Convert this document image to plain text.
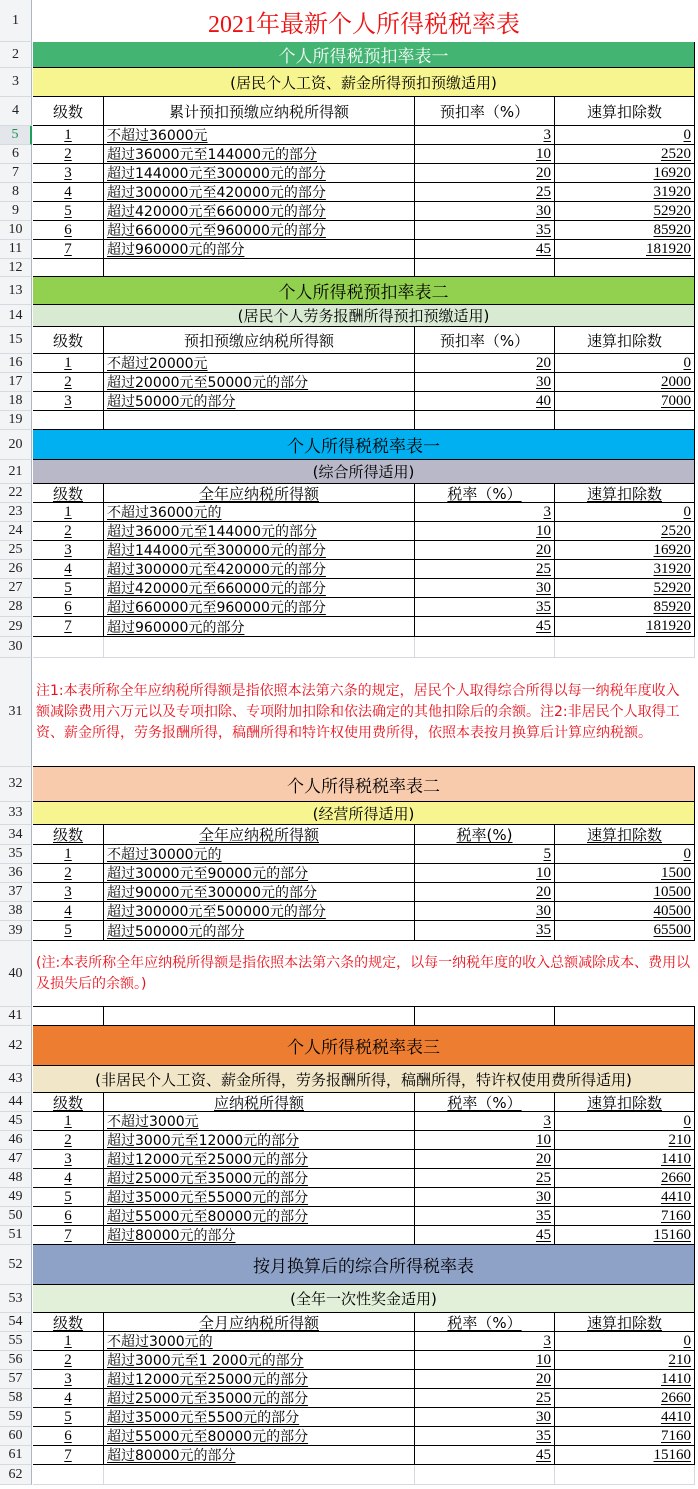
1	2021年最新个人所得税税率表
2	个人所得税预扣率表一
3	(居民个人工资、薪金所得预扣预缴适用)
4	级数	累计预扣预缴应纳税所得额	预扣率（%）	速算扣除数
5	1	不超过36000元	3	0
6	2	超过36000元至144000元的部分	10	2520
7	3	超过144000元至300000元的部分	20	16920
8	4	超过300000元至420000元的部分	25	31920
9	5	超过420000元至660000元的部分	30	52920
10	6	超过660000元至960000元的部分	35	85920
11	7	超过960000元的部分	45	181920
12
13	个人所得税预扣率表二
14	(居民个人劳务报酬所得预扣预缴适用)
15	级数	预扣预缴应纳税所得额	预扣率（%）	速算扣除数
16	1	不超过20000元	20	0
17	2	超过20000元至50000元的部分	30	2000
18	3	超过50000元的部分	40	7000
19
20	个人所得税税率表一
21	(综合所得适用)
22	级数	全年应纳税所得额	税率（%）	速算扣除数
23	1	不超过36000元的	3	0
24	2	超过36000元至144000元的部分	10	2520
25	3	超过144000元至300000元的部分	20	16920
26	4	超过300000元至420000元的部分	25	31920
27	5	超过420000元至660000元的部分	30	52920
28	6	超过660000元至960000元的部分	35	85920
29	7	超过960000元的部分	45	181920
30
31
注1:本表所称全年应纳税所得额是指依照本法第六条的规定，居民个人取得综合所得以每一纳税年度收入额减除费用六万元以及专项扣除、专项附加扣除和依法确定的其他扣除后的余额。注2:非居民个人取得工资、薪金所得，劳务报酬所得，稿酬所得和特许权使用费所得，依照本表按月换算后计算应纳税额。
32	个人所得税税率表二
33	(经营所得适用)
34	级数	全年应纳税所得额	税率(%)	速算扣除数
35	1	不超过30000元的	5	0
36	2	超过30000元至90000元的部分	10	1500
37	3	超过90000元至300000元的部分	20	10500
38	4	超过300000元至500000元的部分	30	40500
39	5	超过500000元的部分	35	65500
40
(注:本表所称全年应纳税所得额是指依照本法第六条的规定，以每一纳税年度的收入总额减除成本、费用以及损失后的余额。)
41
42	个人所得税税率表三
43	(非居民个人工资、薪金所得，劳务报酬所得，稿酬所得，特许权使用费所得适用)
44	级数	应纳税所得额	税率（%）	速算扣除数
45	1	不超过3000元	3	0
46	2	超过3000元至12000元的部分	10	210
47	3	超过12000元至25000元的部分	20	1410
48	4	超过25000元至35000元的部分	25	2660
49	5	超过35000元至55000元的部分	30	4410
50	6	超过55000元至80000元的部分	35	7160
51	7	超过80000元的部分	45	15160
52	按月换算后的综合所得税率表
53	(全年一次性奖金适用)
54	级数	全月应纳税所得额	税率（%）	速算扣除数
55	1	不超过3000元的	3	0
56	2	超过3000元至1 2000元的部分	10	210
57	3	超过12000元至25000元的部分	20	1410
58	4	超过25000元至35000元的部分	25	2660
59	5	超过35000元至5500元的部分	30	4410
60	6	超过55000元至80000元的部分	35	7160
61	7	超过80000元的部分	45	15160
62
